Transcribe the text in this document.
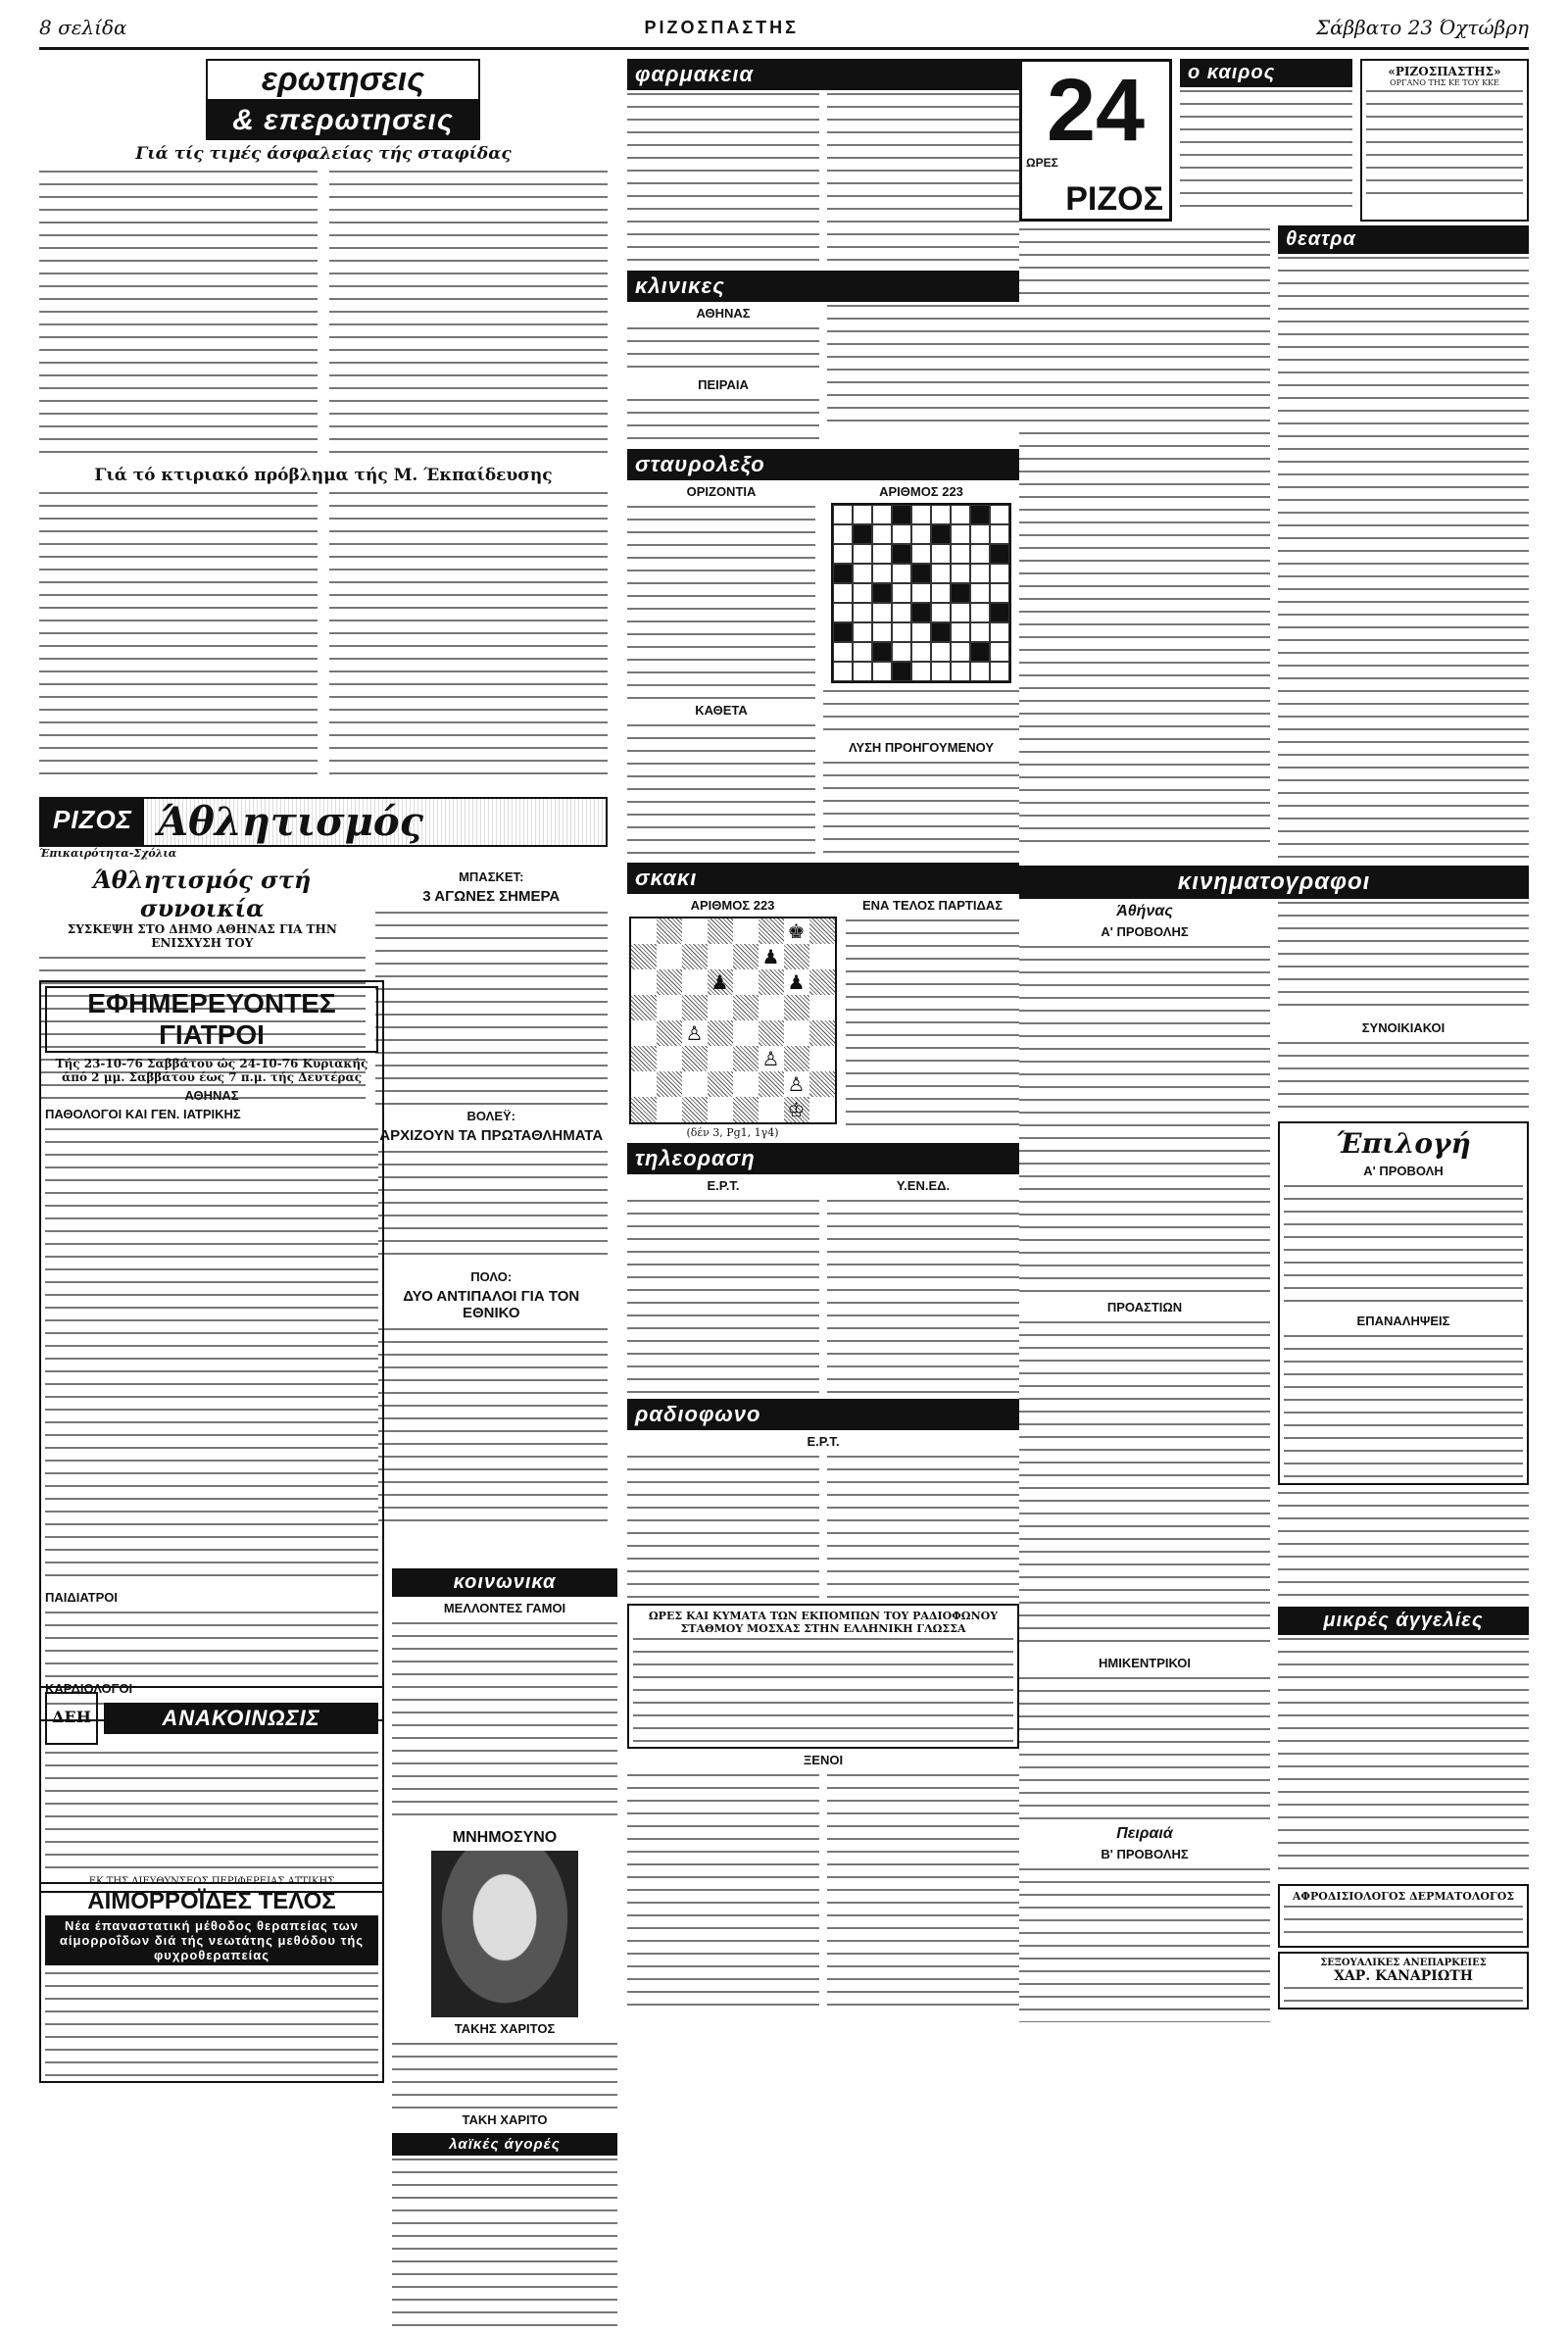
8 σελίδα	ΡΙΖΟΣΠΑΣΤΗΣ	Σάββατο 23 Όχτώβρη
ερωτησεις
& επερωτησεις
Γιά τίς τιμές άσφαλείας τής σταφίδας
Γιά τό κτιριακό πρόβλημα τής Μ. Έκπαίδευσης
ΡΙΖΟΣ Άθλητισμός
Έπικαιρότητα-Σχόλια
Άθλητισμός στή συνοικία
ΣΥΣΚΕΨΗ ΣΤΟ ΔΗΜΟ ΑΘΗΝΑΣ ΓΙΑ ΤΗΝ ΕΝΙΣΧΥΣΗ ΤΟΥ
ΜΠΑΣΚΕΤ:
3 ΑΓΩΝΕΣ ΣΗΜΕΡΑ
ΒΟΛΕΫ:
ΑΡΧΙΖΟΥΝ ΤΑ ΠΡΩΤΑΘΛΗΜΑΤΑ
ΠΟΛΟ:
ΔΥΟ ΑΝΤΙΠΑΛΟΙ ΓΙΑ ΤΟΝ ΕΘΝΙΚΟ
ΕΦΗΜΕΡΕΥΟΝΤΕΣ ΓΙΑΤΡΟΙ
Τής 23-10-76 Σαββάτου ώς 24-10-76 Κυριακής άπό 2 μμ. Σαββάτου έως 7 π.μ. τής Δευτέρας
ΑΘΗΝΑΣ
ΠΑΘΟΛΟΓΟΙ ΚΑΙ ΓΕΝ. ΙΑΤΡΙΚΗΣ
ΠΑΙΔΙΑΤΡΟΙ
ΚΑΡΔΙΟΛΟΓΟΙ
ΔΕΗ	ΑΝΑΚΟΙΝΩΣΙΣ
ΕΚ ΤΗΣ ΔΙΕΥΘΥΝΣΕΩΣ ΠΕΡΙΦΕΡΕΙΑΣ ΑΤΤΙΚΗΣ
ΑΙΜΟΡΡΟΪΔΕΣ ΤΕΛΟΣ
Νέα έπαναστατική μέθοδος θεραπείας των αίμορροΐδων διά τής νεωτάτης μεθόδου τής φυχροθεραπείας
κοινωνικα
ΜΕΛΛΟΝΤΕΣ ΓΑΜΟΙ
ΜΝΗΜΟΣΥΝΟ
ΤΑΚΗΣ ΧΑΡΙΤΟΣ
ΤΑΚΗ ΧΑΡΙΤΟ
λαϊκές άγορές
φαρμακεια
κλινικες
ΑΘΗΝΑΣ
ΠΕΙΡΑΙΑ
σταυρολεξο
ΟΡΙΖΟΝΤΙΑ
ΚΑΘΕΤΑ
ΑΡΙΘΜΟΣ 223
ΛΥΣΗ ΠΡΟΗΓΟΥΜΕΝΟΥ
σκακι
ΑΡΙΘΜΟΣ 223
♚
♟
♟	♟
♙
♙
♙
♔
(δέν 3, Ρg1, 1γ4)
ΕΝΑ ΤΕΛΟΣ ΠΑΡΤΙΔΑΣ
τηλεοραση
Ε.Ρ.Τ.	Υ.ΕΝ.ΕΔ.
ραδιοφωνο
Ε.Ρ.Τ.
ΩΡΕΣ ΚΑΙ ΚΥΜΑΤΑ ΤΩΝ ΕΚΠΟΜΠΩΝ ΤΟΥ ΡΑΔΙΟΦΩΝΟΥ ΣΤΑΘΜΟΥ ΜΟΣΧΑΣ ΣΤΗΝ ΕΛΛΗΝΙΚΗ ΓΛΩΣΣΑ
ΞΕΝΟΙ
24
ΩΡΕΣ
ΡΙΖΟΣ
ο καιρος	«ΡΙΖΟΣΠΑΣΤΗΣ»
ΟΡΓΑΝΟ ΤΗΣ ΚΕ ΤΟΥ ΚΚΕ
θεατρα
κινηματογραφοι
Άθήνας
Α' ΠΡΟΒΟΛΗΣ
ΠΡΟΑΣΤΙΩΝ
ΗΜΙΚΕΝΤΡΙΚΟΙ
Πειραιά
Β' ΠΡΟΒΟΛΗΣ
ΣΥΝΟΙΚΙΑΚΟΙ
Έπιλογή
Α' ΠΡΟΒΟΛΗ
ΕΠΑΝΑΛΗΨΕΙΣ
μικρές άγγελίες
ΑΦΡΟΔΙΣΙΟΛΟΓΟΣ ΔΕΡΜΑΤΟΛΟΓΟΣ
ΣΕΞΟΥΑΛΙΚΕΣ ΑΝΕΠΑΡΚΕΙΕΣ
ΧΑΡ. ΚΑΝΑΡΙΩΤΗ
